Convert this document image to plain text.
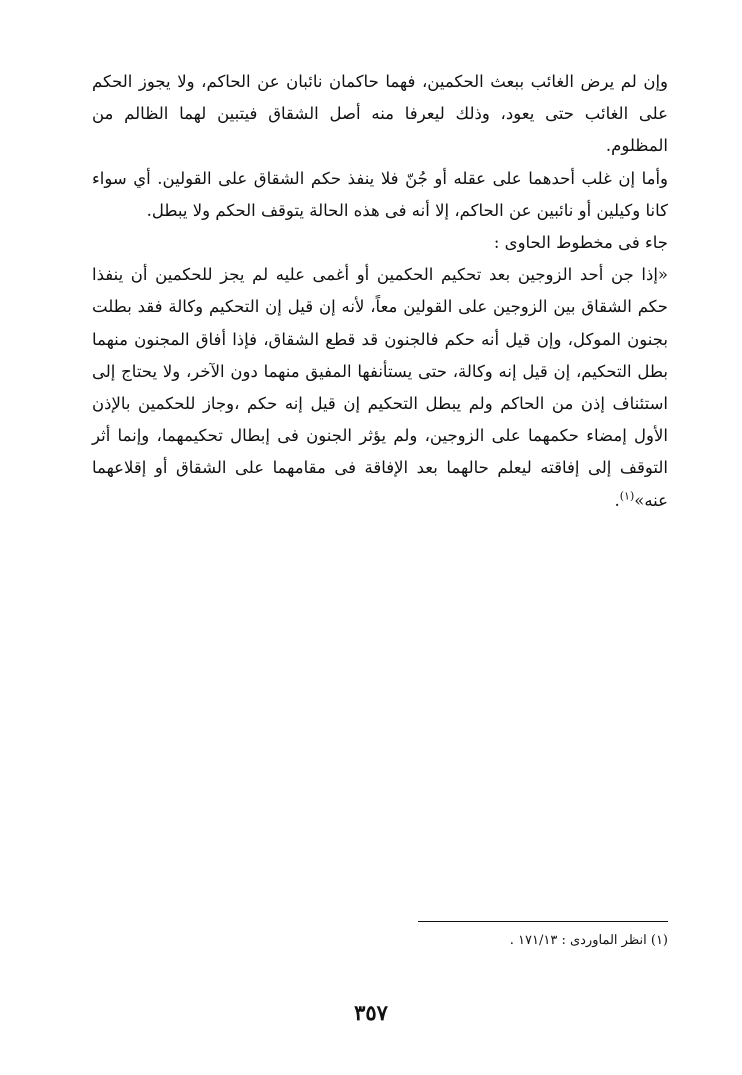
وإن لم يرض الغائب ببعث الحكمين، فهما حاكمان نائبان عن الحاكم، ولا يجوز الحكم على الغائب حتى يعود، وذلك ليعرفا منه أصل الشقاق فيتبين لهما الظالم من المظلوم.

وأما إن غلب أحدهما على عقله أو جُنّ فلا ينفذ حكم الشقاق على القولين. أي سواء كانا وكيلين أو نائبين عن الحاكم، إلا أنه فى هذه الحالة يتوقف الحكم ولا يبطل.

جاء فى مخطوط الحاوى :

«إذا جن أحد الزوجين بعد تحكيم الحكمين أو أغمى عليه لم يجز للحكمين أن ينفذا حكم الشقاق بين الزوجين على القولين معاً، لأنه إن قيل إن التحكيم وكالة فقد بطلت بجنون الموكل، وإن قيل أنه حكم فالجنون قد قطع الشقاق، فإذا أفاق المجنون منهما بطل التحكيم، إن قيل إنه وكالة، حتى يستأنفها المفيق منهما دون الآخر، ولا يحتاج إلى استئناف إذن من الحاكم ولم يبطل التحكيم إن قيل إنه حكم ،وجاز للحكمين بالإذن الأول إمضاء حكمهما على الزوجين، ولم يؤثر الجنون فى إبطال تحكيمهما، وإنما أثر التوقف إلى إفاقته ليعلم حالهما بعد الإفاقة فى مقامهما على الشقاق أو إقلاعهما عنه»$^{(١)}$.

(١) انظر الماوردى : ١٧١/١٣ .
٣٥٧
